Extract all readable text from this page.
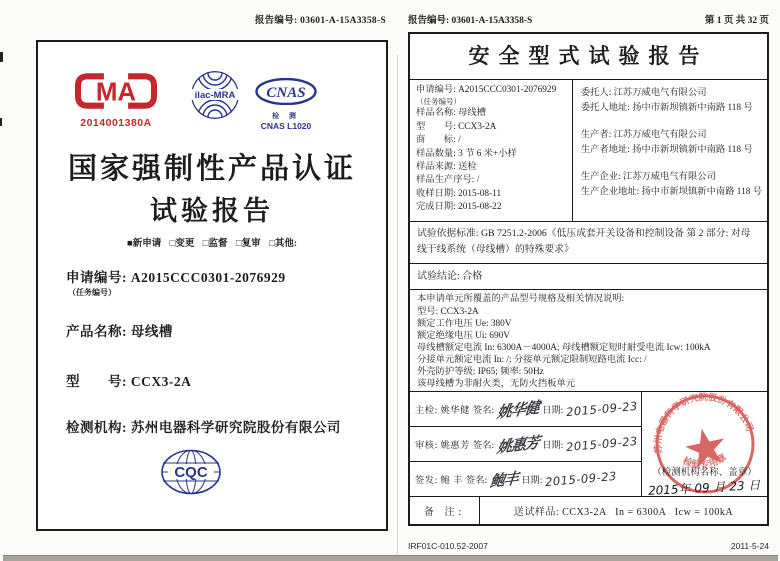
报告编号: 03601-A-15A3358-S
MA
2014001380A
ilac-MRA CNAS
检 测
CNAS L1020
国家强制性产品认证
试验报告
■新申请 □变更 □监督 □复审 □其他:
申请编号: A2015CCC0301-2076929
（任务编号）
产品名称: 母线槽
型　　号: CCX3-2A
检测机构: 苏州电器科学研究院股份有限公司
CQC
报告编号: 03601-A-15A3358-S	第 1 页 共 32 页
安全型式试验报告
申请编号: A2015CCC0301-2076929
（任务编号）
样品名称: 母线槽
型　　号: CCX3-2A
商　　标: /
样品数量: 3 节 6 米+小样
样品来源: 送检
样品生产序号: /
收样日期: 2015-08-11
完成日期: 2015-08-22
委托人: 江苏万威电气有限公司
委托人地址: 扬中市新坝镇新中南路 118 号
生产者: 江苏万威电气有限公司
生产者地址: 扬中市新坝镇新中南路 118 号
生产企业: 江苏万威电气有限公司
生产企业地址: 扬中市新坝镇新中南路 118 号
试验依据标准: GB 7251.2-2006《低压成套开关设备和控制设备 第 2 部分: 对母线干线系统（母线槽）的特殊要求》
试验结论: 合格
本申请单元所覆盖的产品型号规格及相关情况说明:
型号: CCX3-2A
额定工作电压 Ue: 380V
额定绝缘电压 Ui: 690V
母线槽额定电流 In: 6300A－4000A; 母线槽额定短时耐受电流 Icw: 100kA
分接单元额定电流 In: /; 分接单元额定限制短路电流 Icc: /
外壳防护等级: IP65; 频率: 50Hz
该母线槽为非耐火类，无防火挡板单元
主检: 姚华健 签名: 姚华健 日期: 2015-09-23
审核: 姚惠芳 签名: 姚惠芳 日期: 2015-09-23
签发: 鲍 丰 签名: 鲍丰 日期: 2015-09-23
苏州电器科学研究院股份有限公司
检验专用章
（检测机构名称、盖章）
2015年 09 月 23 日
备 注:	送试样品: CCX3-2A   In = 6300A   Icw = 100kA
IRF01C-010.52-2007	2011-5-24
